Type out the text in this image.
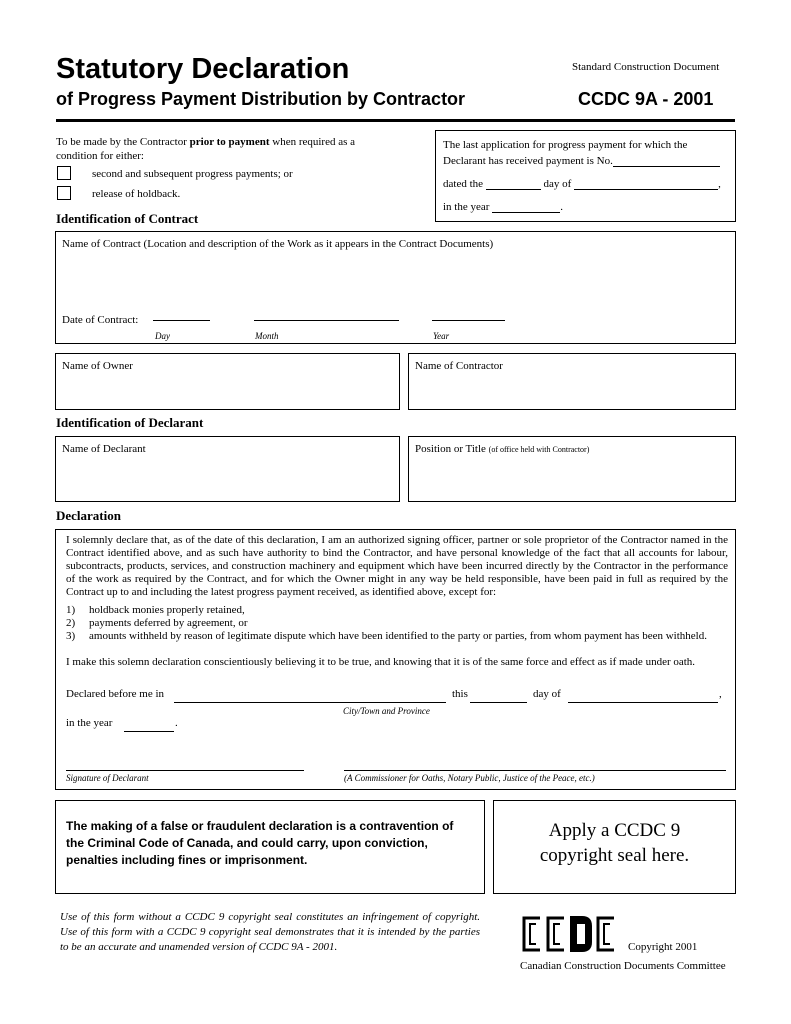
Statutory Declaration
of Progress Payment Distribution by Contractor
Standard Construction Document
CCDC 9A - 2001
To be made by the Contractor prior to payment when required as a
condition for either:
second and subsequent progress payments; or
release of holdback.
The last application for progress payment for which the
Declarant has received payment is No.
dated the	day of	,
in the year	.
Identification of Contract
Name of Contract (Location and description of the Work as it appears in the Contract Documents)
Date of Contract:
Day	Month	Year
Name of Owner	Name of Contractor
Identification of Declarant
Name of Declarant	Position or Title (of office held with Contractor)
Declaration
I solemnly declare that, as of the date of this declaration, I am an authorized signing officer, partner or sole proprietor of the Contractor named in the Contract identified above, and as such have authority to bind the Contractor, and have personal knowledge of the fact that all accounts for labour, subcontracts, products, services, and construction machinery and equipment which have been incurred directly by the Contractor in the performance of the work as required by the Contract, and for which the Owner might in any way be held responsible, have been paid in full as required by the Contract up to and including the latest progress payment received, as identified above, except for:
1) holdback monies properly retained,
2) payments deferred by agreement, or
3) amounts withheld by reason of legitimate dispute which have been identified to the party or parties, from whom payment has been withheld.
I make this solemn declaration conscientiously believing it to be true, and knowing that it is of the same force and effect as if made under oath.
Declared before me in	this	day of	,
City/Town and Province
in the year	.
Signature of Declarant	(A Commissioner for Oaths, Notary Public, Justice of the Peace, etc.)
The making of a false or fraudulent declaration is a contravention of the Criminal Code of Canada, and could carry, upon conviction, penalties including fines or imprisonment.
Apply a CCDC 9
copyright seal here.
Use of this form without a CCDC 9 copyright seal constitutes an infringement of copyright. Use of this form with a CCDC 9 copyright seal demonstrates that it is intended by the parties to be an accurate and unamended version of CCDC 9A - 2001.	Copyright 2001
Canadian Construction Documents Committee
